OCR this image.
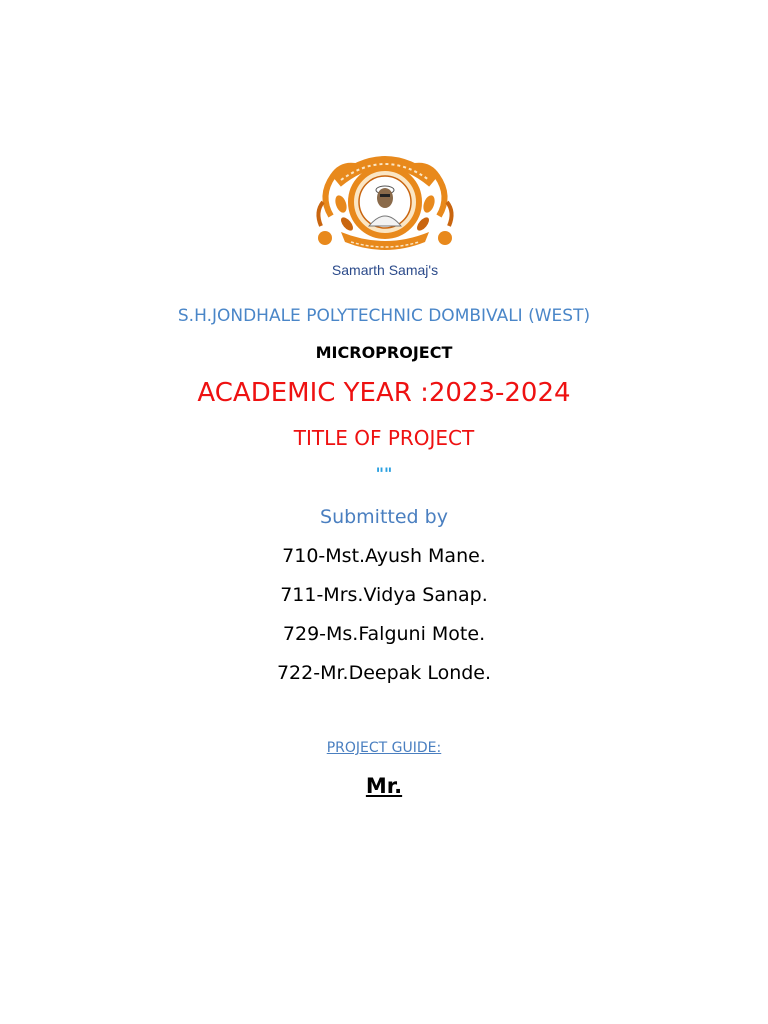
Samarth Samaj's
S.H.JONDHALE POLYTECHNIC DOMBIVALI (WEST)
MICROPROJECT
ACADEMIC YEAR :2023-2024
TITLE OF PROJECT
""
Submitted by
710-Mst.Ayush Mane.
711-Mrs.Vidya Sanap.
729-Ms.Falguni Mote.
722-Mr.Deepak Londe.
PROJECT GUIDE:
Mr.
